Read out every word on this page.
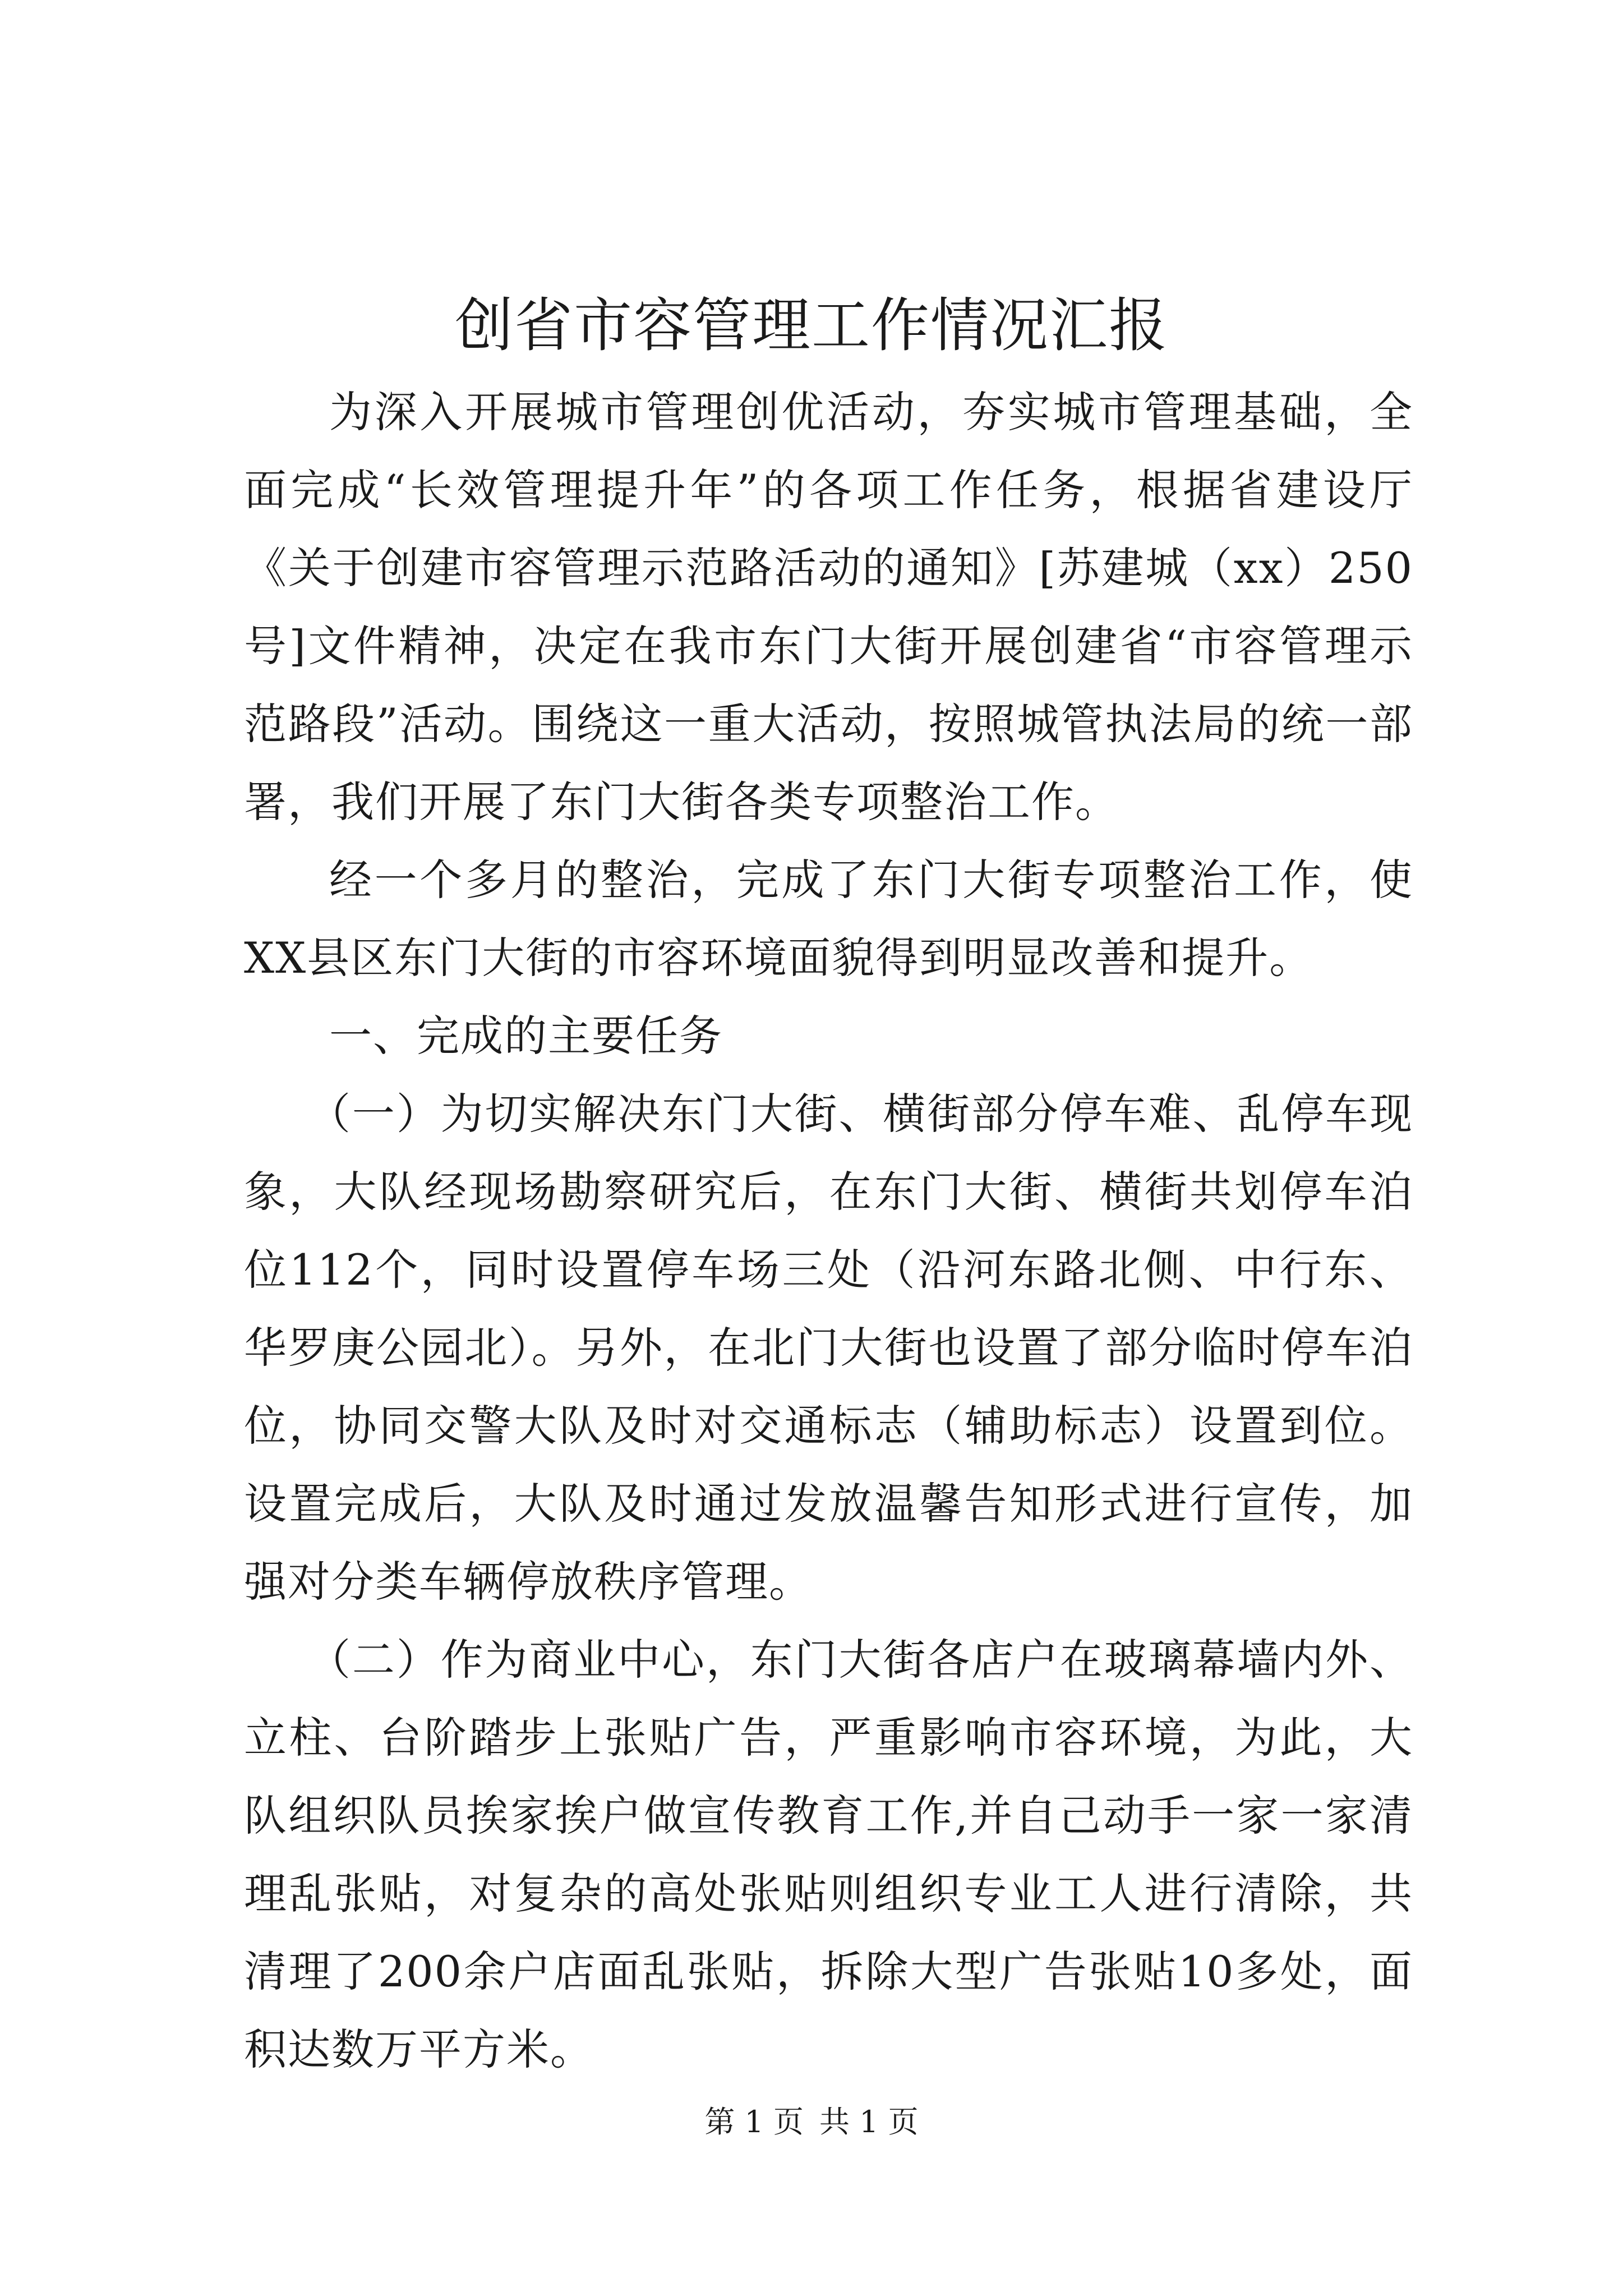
创省市容管理工作情况汇报

为深入开展城市管理创优活动，夯实城市管理基础，全面完成“长效管理提升年”的各项工作任务，根据省建设厅《关于创建市容管理示范路活动的通知》[苏建城（xx）250号]文件精神，决定在我市东门大街开展创建省“市容管理示范路段”活动。围绕这一重大活动，按照城管执法局的统一部署，我们开展了东门大街各类专项整治工作。

经一个多月的整治，完成了东门大街专项整治工作，使XX县区东门大街的市容环境面貌得到明显改善和提升。

一、完成的主要任务

（一）为切实解决东门大街、横街部分停车难、乱停车现象，大队经现场勘察研究后，在东门大街、横街共划停车泊位112个，同时设置停车场三处（沿河东路北侧、中行东、华罗庚公园北）。另外，在北门大街也设置了部分临时停车泊位，协同交警大队及时对交通标志（辅助标志）设置到位。设置完成后，大队及时通过发放温馨告知形式进行宣传，加强对分类车辆停放秩序管理。

（二）作为商业中心，东门大街各店户在玻璃幕墙内外、立柱、台阶踏步上张贴广告，严重影响市容环境，为此，大队组织队员挨家挨户做宣传教育工作,并自己动手一家一家清理乱张贴，对复杂的高处张贴则组织专业工人进行清除，共清理了200余户店面乱张贴，拆除大型广告张贴10多处，面积达数万平方米。

第 1 页 共 1 页
